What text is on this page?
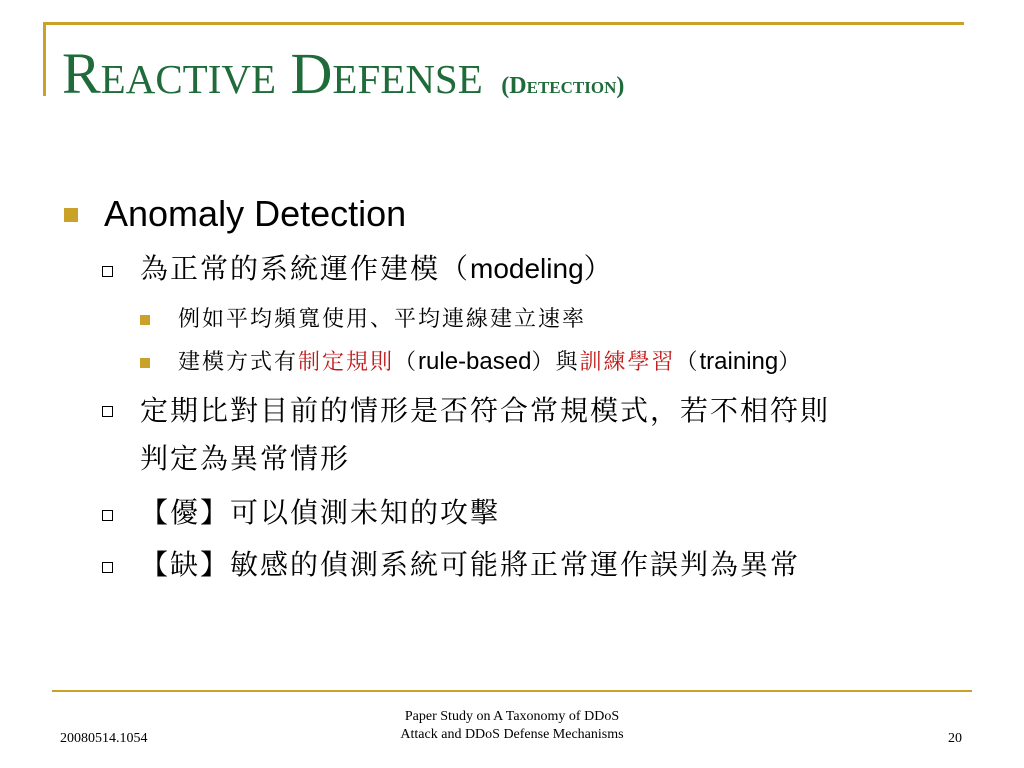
Reactive Defense (Detection)
Anomaly Detection
為正常的系統運作建模（modeling）
例如平均頻寬使用、平均連線建立速率
建模方式有制定規則（rule-based）與訓練學習（training）
定期比對目前的情形是否符合常規模式，若不相符則
判定為異常情形
【優】可以偵測未知的攻擊
【缺】敏感的偵測系統可能將正常運作誤判為異常
20080514.1054
Paper Study on A Taxonomy of DDoS
Attack and DDoS Defense Mechanisms	20
